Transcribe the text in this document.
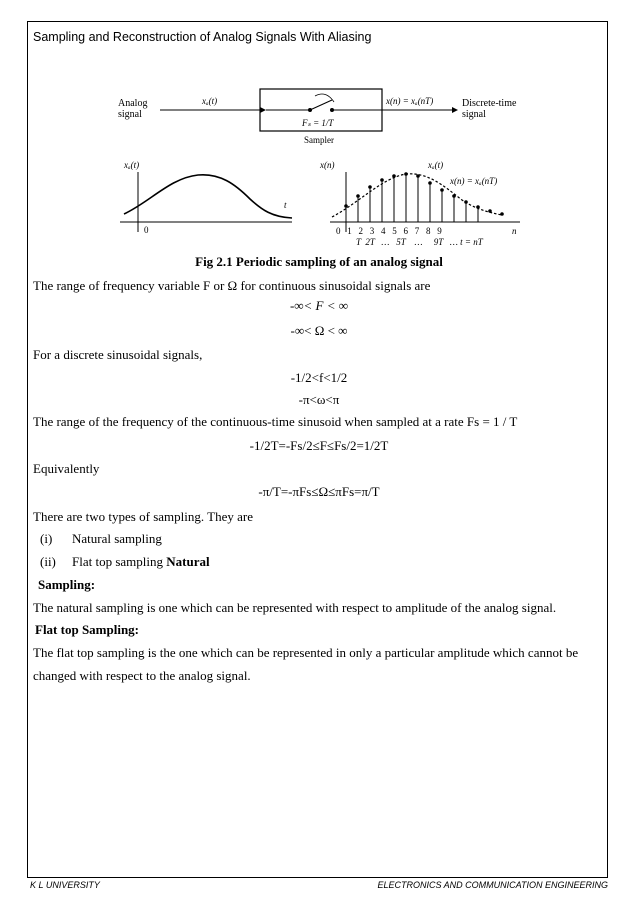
Sampling and Reconstruction of Analog Signals With Aliasing
Analog
signal
xₐ(t)
Fₛ = 1/T
x(n) = xₐ(nT)	Discrete-time
signal
Sampler
xₐ(t)
0
t
x(n)	xₐ(t)
x(n) = xₐ(nT)
0   1   2   3   4   5   6   7   8   9	n
T  2T   …   5T    …     9T   … t = nT
Fig 2.1 Periodic sampling of an analog signal
The range of frequency variable F or Ω for continuous sinusoidal signals are
-∞< F < ∞
-∞< Ω < ∞
For a discrete sinusoidal signals,
-1/2<f<1/2
-π<ω<π
The range of the frequency of the continuous-time sinusoid when sampled at a rate Fs = 1 / T
-1/2T=-Fs/2≤F≤Fs/2=1/2T
Equivalently
-π/T=-πFs≤Ω≤πFs=π/T
There are two types of sampling. They are
(i) Natural sampling
(ii) Flat top sampling Natural
Sampling:
The natural sampling is one which can be represented with respect to amplitude of the analog signal.
Flat top Sampling:
The flat top sampling is the one which can be represented in only a particular amplitude which cannot be
changed with respect to the analog signal.
K L UNIVERSITY	ELECTRONICS AND COMMUNICATION ENGINEERING
